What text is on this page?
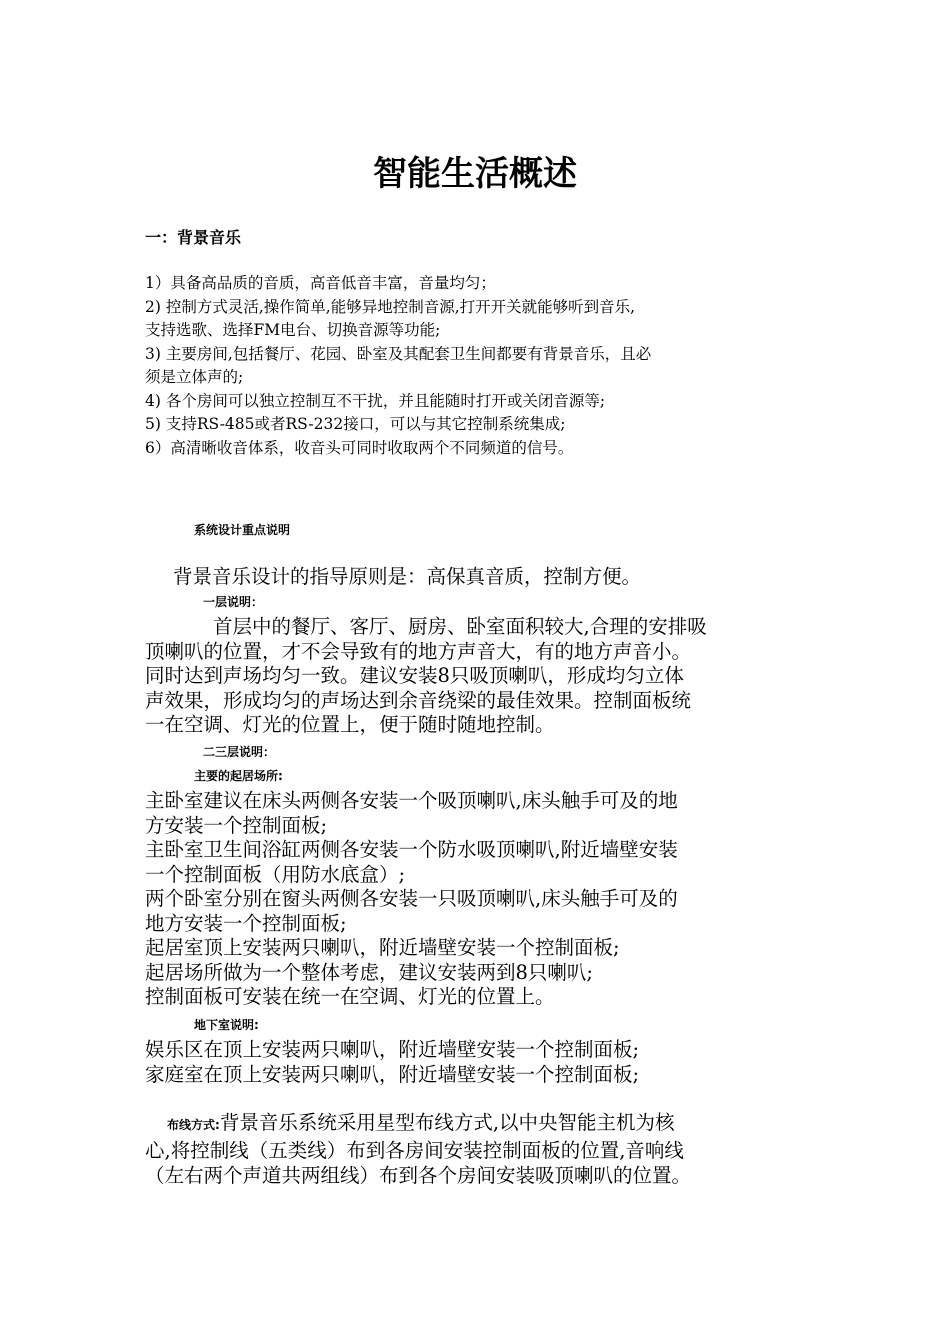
智能生活概述
一：背景音乐
1）具备高品质的音质，高音低音丰富，音量均匀；
2) 控制方式灵活,操作简单,能够异地控制音源,打开开关就能够听到音乐,
支持选歌、选择FM电台、切换音源等功能;
3) 主要房间,包括餐厅、花园、卧室及其配套卫生间都要有背景音乐，且必
须是立体声的;
4) 各个房间可以独立控制互不干扰，并且能随时打开或关闭音源等;
5) 支持RS-485或者RS-232接口，可以与其它控制系统集成;
6）高清晰收音体系，收音头可同时收取两个不同频道的信号。
系统设计重点说明
背景音乐设计的指导原则是：高保真音质，控制方便。
一层说明：
首层中的餐厅、客厅、厨房、卧室面积较大,合理的安排吸
顶喇叭的位置，才不会导致有的地方声音大，有的地方声音小。
同时达到声场均匀一致。建议安装8只吸顶喇叭，形成均匀立体
声效果，形成均匀的声场达到余音绕梁的最佳效果。控制面板统
一在空调、灯光的位置上，便于随时随地控制。
二三层说明：
主要的起居场所:
主卧室建议在床头两侧各安装一个吸顶喇叭,床头触手可及的地
方安装一个控制面板;
主卧室卫生间浴缸两侧各安装一个防水吸顶喇叭,附近墙壁安装
一个控制面板（用防水底盒）;
两个卧室分别在窗头两侧各安装一只吸顶喇叭,床头触手可及的
地方安装一个控制面板;
起居室顶上安装两只喇叭，附近墙壁安装一个控制面板;
起居场所做为一个整体考虑，建议安装两到8只喇叭;
控制面板可安装在统一在空调、灯光的位置上。
地下室说明:
娱乐区在顶上安装两只喇叭，附近墙壁安装一个控制面板;
家庭室在顶上安装两只喇叭，附近墙壁安装一个控制面板;
布线方式:背景音乐系统采用星型布线方式,以中央智能主机为核
心,将控制线（五类线）布到各房间安装控制面板的位置,音响线
（左右两个声道共两组线）布到各个房间安装吸顶喇叭的位置。
